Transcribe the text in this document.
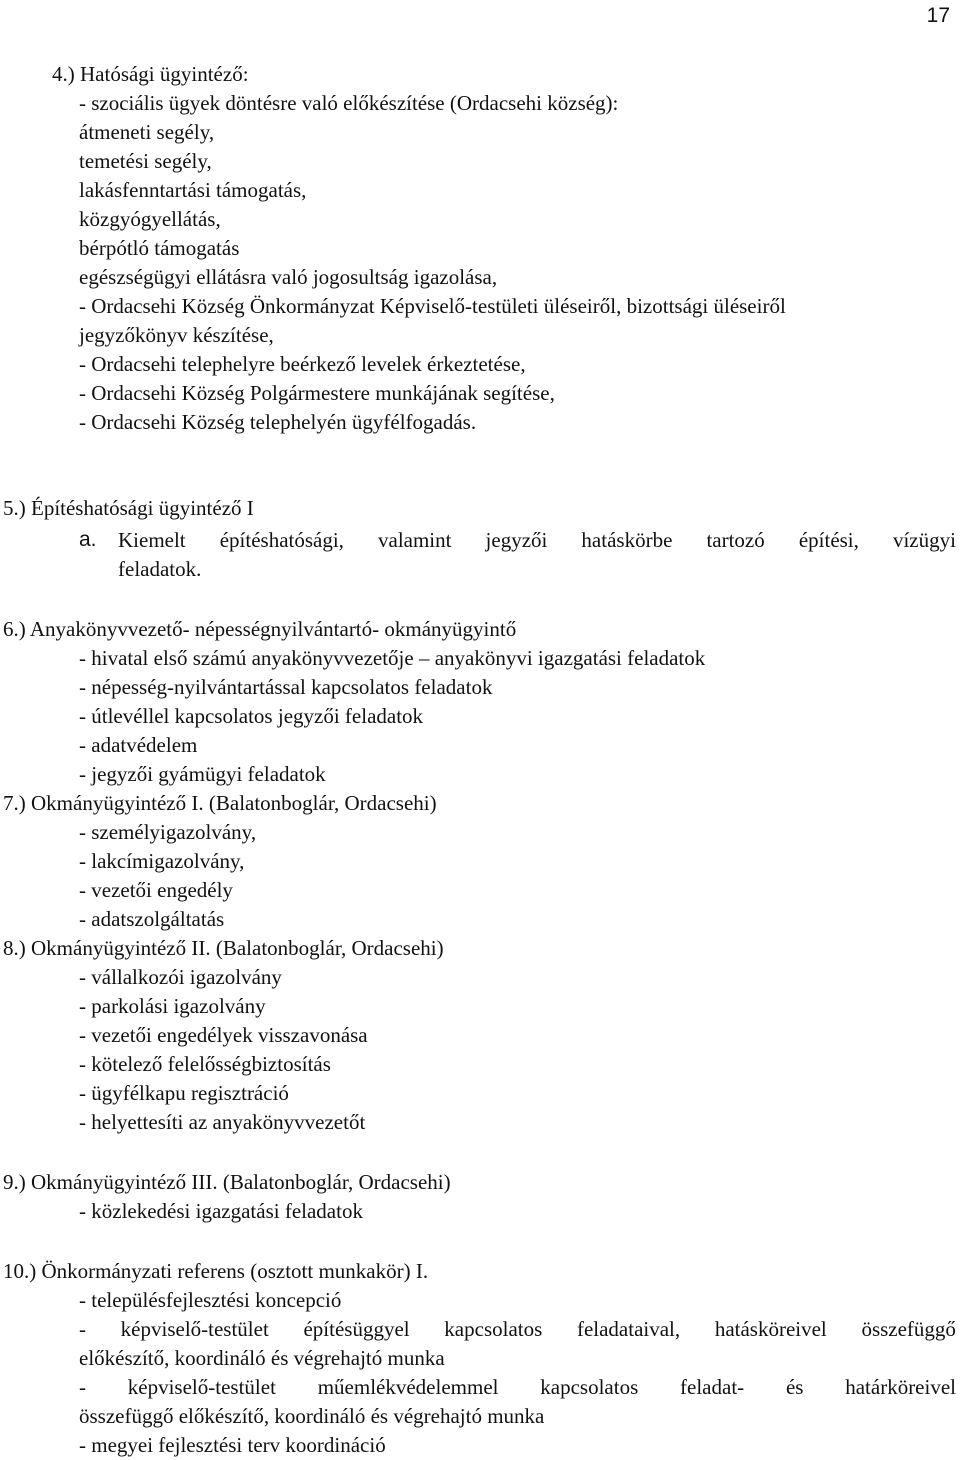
17
4.) Hatósági ügyintéző:
- szociális ügyek döntésre való előkészítése (Ordacsehi község):
átmeneti segély,
temetési segély,
lakásfenntartási támogatás,
közgyógyellátás,
bérpótló támogatás
egészségügyi ellátásra való jogosultság igazolása,
- Ordacsehi Község Önkormányzat Képviselő-testületi üléseiről, bizottsági üléseiről
jegyzőkönyv készítése,
- Ordacsehi telephelyre beérkező levelek érkeztetése,
- Ordacsehi Község Polgármestere munkájának segítése,
- Ordacsehi Község telephelyén ügyfélfogadás.
5.) Építéshatósági ügyintéző I
a. Kiemelt építéshatósági, valamint jegyzői hatáskörbe tartozó építési, vízügyi
feladatok.
6.) Anyakönyvvezető- népességnyilvántartó- okmányügyintő
- hivatal első számú anyakönyvvezetője – anyakönyvi igazgatási feladatok
- népesség-nyilvántartással kapcsolatos feladatok
- útlevéllel kapcsolatos jegyzői feladatok
- adatvédelem
- jegyzői gyámügyi feladatok
7.) Okmányügyintéző I. (Balatonboglár, Ordacsehi)
- személyigazolvány,
- lakcímigazolvány,
- vezetői engedély
- adatszolgáltatás
8.) Okmányügyintéző II. (Balatonboglár, Ordacsehi)
- vállalkozói igazolvány
- parkolási igazolvány
- vezetői engedélyek visszavonása
- kötelező felelősségbiztosítás
- ügyfélkapu regisztráció
- helyettesíti az anyakönyvvezetőt
9.) Okmányügyintéző III. (Balatonboglár, Ordacsehi)
- közlekedési igazgatási feladatok
10.) Önkormányzati referens (osztott munkakör) I.
- településfejlesztési koncepció
- képviselő-testület építésüggyel kapcsolatos feladataival, hatásköreivel összefüggő
előkészítő, koordináló és végrehajtó munka
- képviselő-testület műemlékvédelemmel kapcsolatos feladat- és határköreivel
összefüggő előkészítő, koordináló és végrehajtó munka
- megyei fejlesztési terv koordináció
